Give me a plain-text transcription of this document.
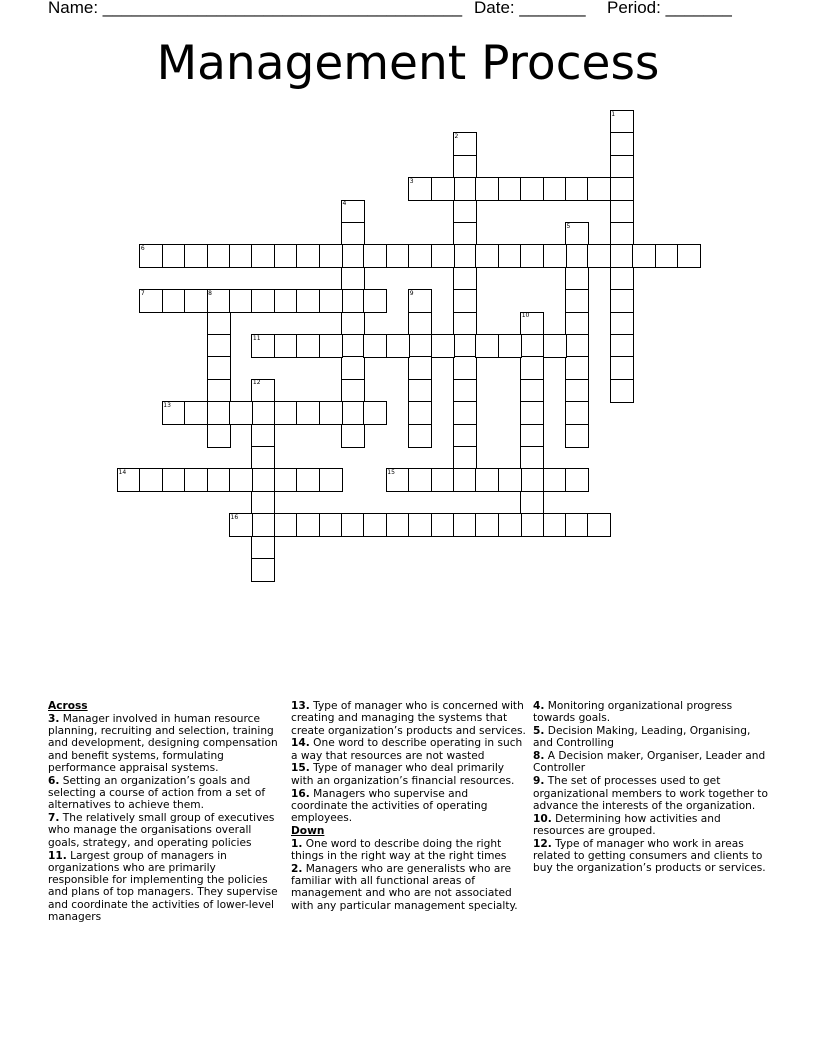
Name: ______________________________________ Date: _______ Period: _______
Management Process
1
2
3
4
5
6
7	8	9
10
11
12
13
14	15
16
Across
3. Manager involved in human resource planning, recruiting and selection, training and development, designing compensation and benefit systems, formulating performance appraisal systems.
6. Setting an organization’s goals and selecting a course of action from a set of alternatives to achieve them.
7. The relatively small group of executives who manage the organisations overall goals, strategy, and operating policies
11. Largest group of managers in organizations who are primarily responsible for implementing the policies and plans of top managers. They supervise and coordinate the activities of lower-level managers
13. Type of manager who is concerned with creating and managing the systems that create organization’s products and services.
14. One word to describe operating in such a way that resources are not wasted
15. Type of manager who deal primarily with an organization’s financial resources.
16. Managers who supervise and coordinate the activities of operating employees.
Down
1. One word to describe doing the right things in the right way at the right times
2. Managers who are generalists who are familiar with all functional areas of management and who are not associated with any particular management specialty.
4. Monitoring organizational progress towards goals.
5. Decision Making, Leading, Organising, and Controlling
8. A Decision maker, Organiser, Leader and Controller
9. The set of processes used to get organizational members to work together to advance the interests of the organization.
10. Determining how activities and resources are grouped.
12. Type of manager who work in areas related to getting consumers and clients to buy the organization’s products or services.
